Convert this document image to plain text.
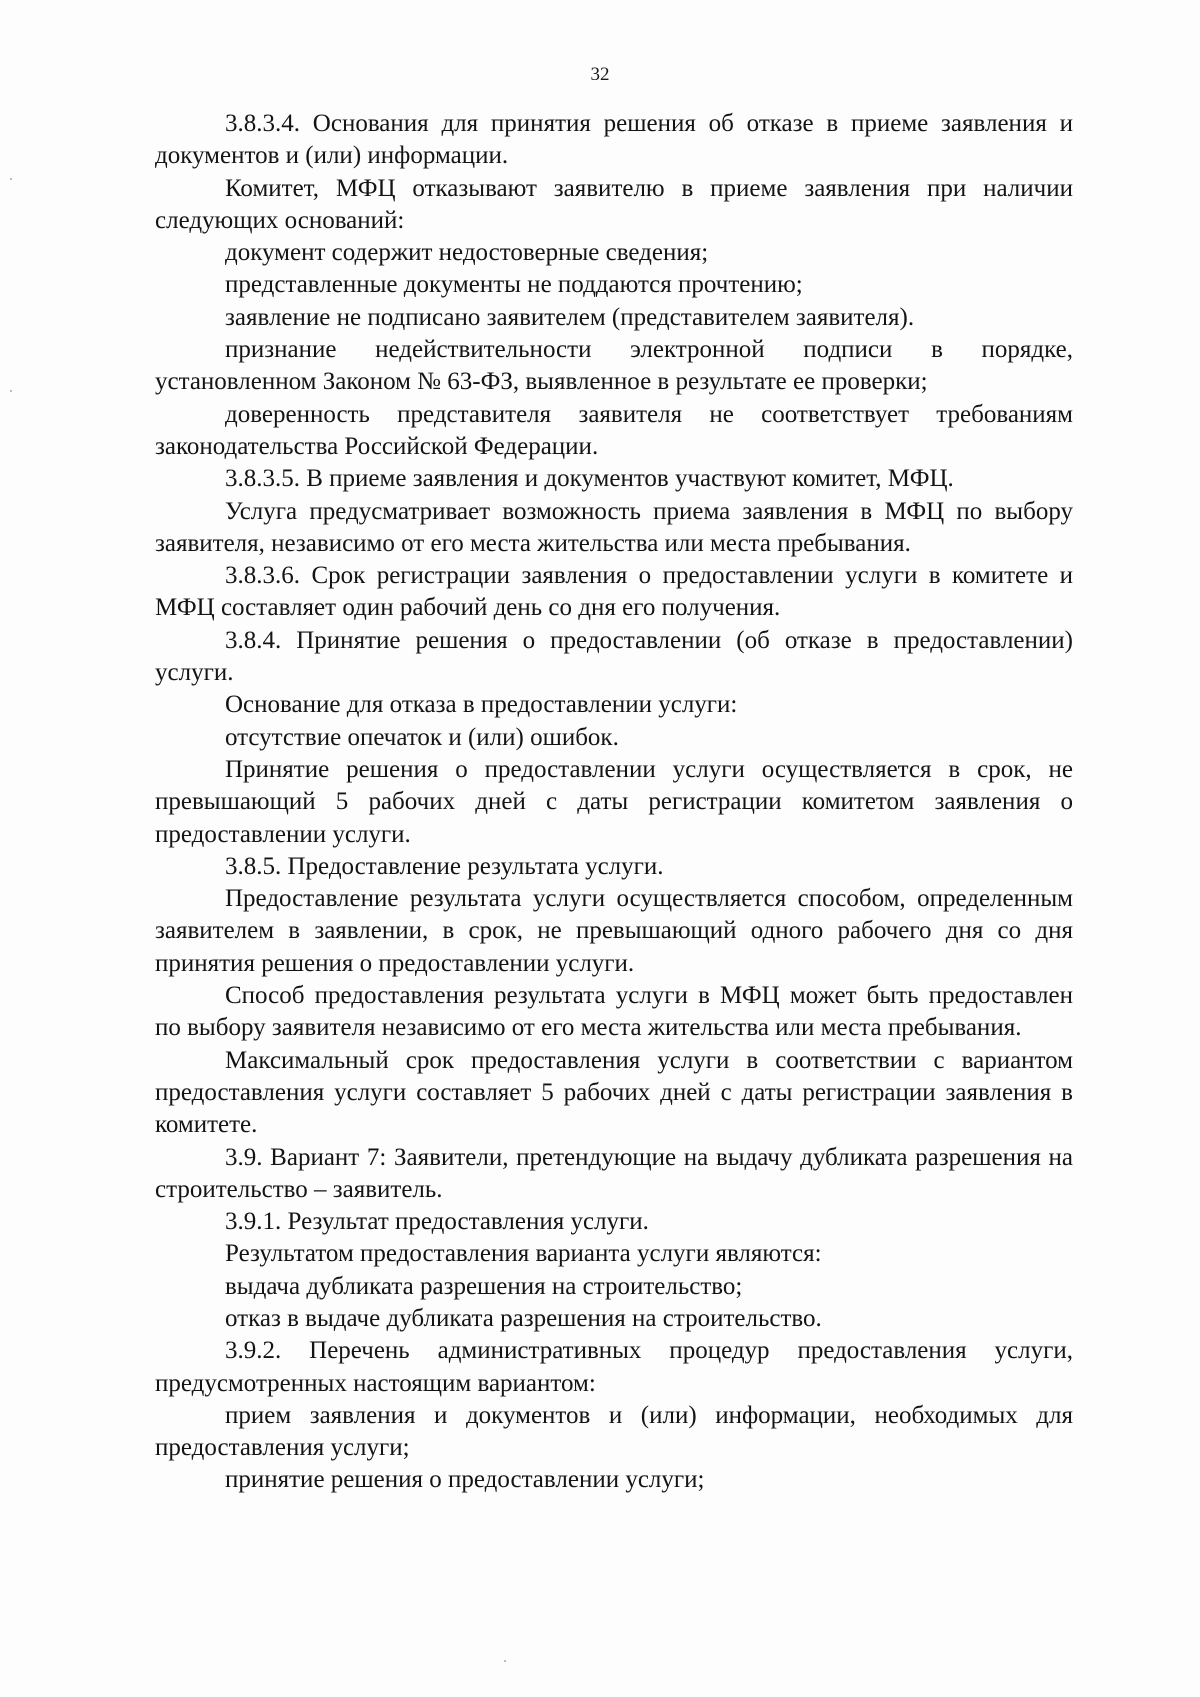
32

3.8.3.4. Основания для принятия решения об отказе в приеме заявления и документов и (или) информации.

Комитет, МФЦ отказывают заявителю в приеме заявления при наличии следующих оснований:

документ содержит недостоверные сведения;

представленные документы не поддаются прочтению;

заявление не подписано заявителем (представителем заявителя).

признание недействительности электронной подписи в порядке, установленном Законом № 63-ФЗ, выявленное в результате ее проверки;

доверенность представителя заявителя не соответствует требованиям законодательства Российской Федерации.

3.8.3.5. В приеме заявления и документов участвуют комитет, МФЦ.

Услуга предусматривает возможность приема заявления в МФЦ по выбору заявителя, независимо от его места жительства или места пребывания.

3.8.3.6. Срок регистрации заявления о предоставлении услуги в комитете и МФЦ составляет один рабочий день со дня его получения.

3.8.4. Принятие решения о предоставлении (об отказе в предоставлении) услуги.

Основание для отказа в предоставлении услуги:

отсутствие опечаток и (или) ошибок.

Принятие решения о предоставлении услуги осуществляется в срок, не превышающий 5 рабочих дней с даты регистрации комитетом заявления о предоставлении услуги.

3.8.5. Предоставление результата услуги.

Предоставление результата услуги осуществляется способом, определенным заявителем в заявлении, в срок, не превышающий одного рабочего дня со дня принятия решения о предоставлении услуги.

Способ предоставления результата услуги в МФЦ может быть предоставлен по выбору заявителя независимо от его места жительства или места пребывания.

Максимальный срок предоставления услуги в соответствии с вариантом предоставления услуги составляет 5 рабочих дней с даты регистрации заявления в комитете.

3.9. Вариант 7: Заявители, претендующие на выдачу дубликата разрешения на строительство – заявитель.

3.9.1. Результат предоставления услуги.

Результатом предоставления варианта услуги являются:

выдача дубликата разрешения на строительство;

отказ в выдаче дубликата разрешения на строительство.

3.9.2. Перечень административных процедур предоставления услуги, предусмотренных настоящим вариантом:

прием заявления и документов и (или) информации, необходимых для предоставления услуги;

принятие решения о предоставлении услуги;
